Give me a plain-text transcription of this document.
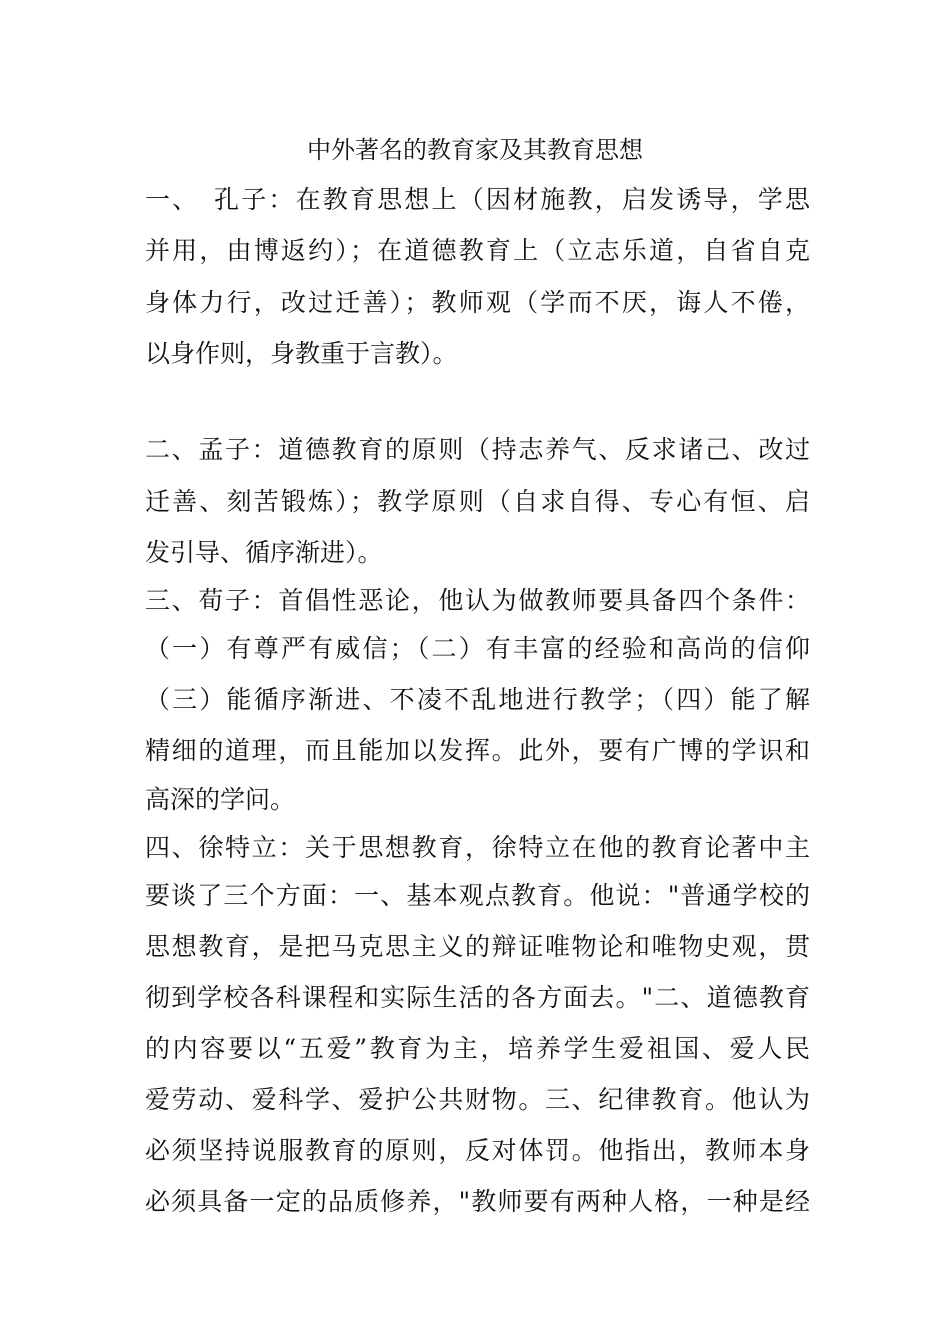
中外著名的教育家及其教育思想
一、　孔子：在教育思想上（因材施教，启发诱导，学思
并用，由博返约）；在道德教育上（立志乐道，自省自克
身体力行，改过迁善）；教师观（学而不厌，诲人不倦，
以身作则，身教重于言教）。
二、孟子：道德教育的原则（持志养气、反求诸己、改过
迁善、刻苦锻炼）；教学原则（自求自得、专心有恒、启
发引导、循序渐进）。
三、荀子：首倡性恶论，他认为做教师要具备四个条件：
（一）有尊严有威信；（二）有丰富的经验和高尚的信仰
（三）能循序渐进、不凌不乱地进行教学；（四）能了解
精细的道理，而且能加以发挥。此外，要有广博的学识和
高深的学问。
四、徐特立：关于思想教育，徐特立在他的教育论著中主
要谈了三个方面：一、基本观点教育。他说："普通学校的
思想教育，是把马克思主义的辩证唯物论和唯物史观，贯
彻到学校各科课程和实际生活的各方面去。"二、道德教育
的内容要以“五爱”教育为主，培养学生爱祖国、爱人民
爱劳动、爱科学、爱护公共财物。三、纪律教育。他认为
必须坚持说服教育的原则，反对体罚。他指出，教师本身
必须具备一定的品质修养，"教师要有两种人格，一种是经
